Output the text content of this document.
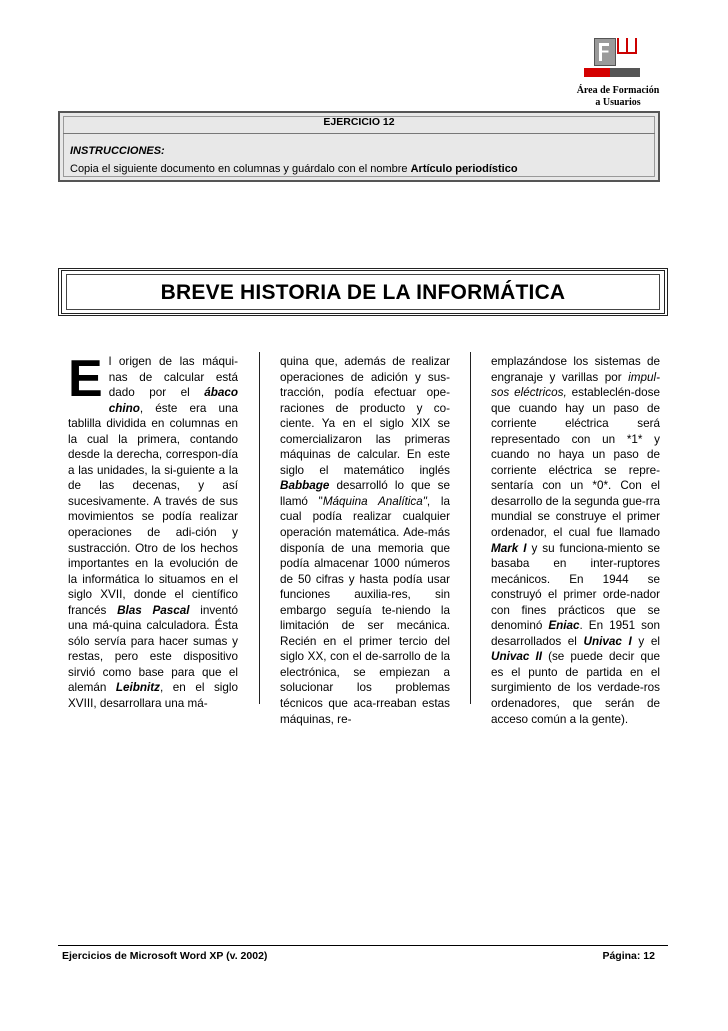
Área de Formación
a Usuarios
EJERCICIO 12
INSTRUCCIONES:
Copia el siguiente documento en columnas y guárdalo con el nombre Artículo periodístico
BREVE HISTORIA DE LA INFORMÁTICA

El origen de las máqui-nas de calcular está dado por el ábaco chino, éste era una tablilla dividida en columnas en la cual la primera, contando desde la derecha, correspon-día a las unidades, la si-guiente a la de las decenas, y así sucesivamente. A través de sus movimientos se podía realizar operaciones de adi-ción y sustracción. Otro de los hechos importantes en la evolución de la informática lo situamos en el siglo XVII, donde el científico francés Blas Pascal inventó una má-quina calculadora. Ésta sólo servía para hacer sumas y restas, pero este dispositivo sirvió como base para que el alemán Leibnitz, en el siglo XVIII, desarrollara una má-

quina que, además de realizar operaciones de adición y sus-tracción, podía efectuar ope-raciones de producto y co-ciente. Ya en el siglo XIX se comercializaron las primeras máquinas de calcular. En este siglo el matemático inglés Babbage desarrolló lo que se llamó "Máquina Analítica", la cual podía realizar cualquier operación matemática. Ade-más disponía de una memoria que podía almacenar 1000 números de 50 cifras y hasta podía usar funciones auxilia-res, sin embargo seguía te-niendo la limitación de ser mecánica. Recién en el primer tercio del siglo XX, con el de-sarrollo de la electrónica, se empiezan a solucionar los problemas técnicos que aca-rreaban estas máquinas, re-

emplazándose los sistemas de engranaje y varillas por impul-sos eléctricos, estableclén-dose que cuando hay un paso de corriente eléctrica será representado con un *1* y cuando no haya un paso de corriente eléctrica se repre-sentaría con un *0*. Con el desarrollo de la segunda gue-rra mundial se construye el primer ordenador, el cual fue llamado Mark I y su funciona-miento se basaba en inter-ruptores mecánicos. En 1944 se construyó el primer orde-nador con fines prácticos que se denominó Eniac. En 1951 son desarrollados el Univac I y el Univac II (se puede decir que es el punto de partida en el surgimiento de los verdade-ros ordenadores, que serán de acceso común a la gente).

Ejercicios de Microsoft Word XP (v. 2002)	Página: 12
